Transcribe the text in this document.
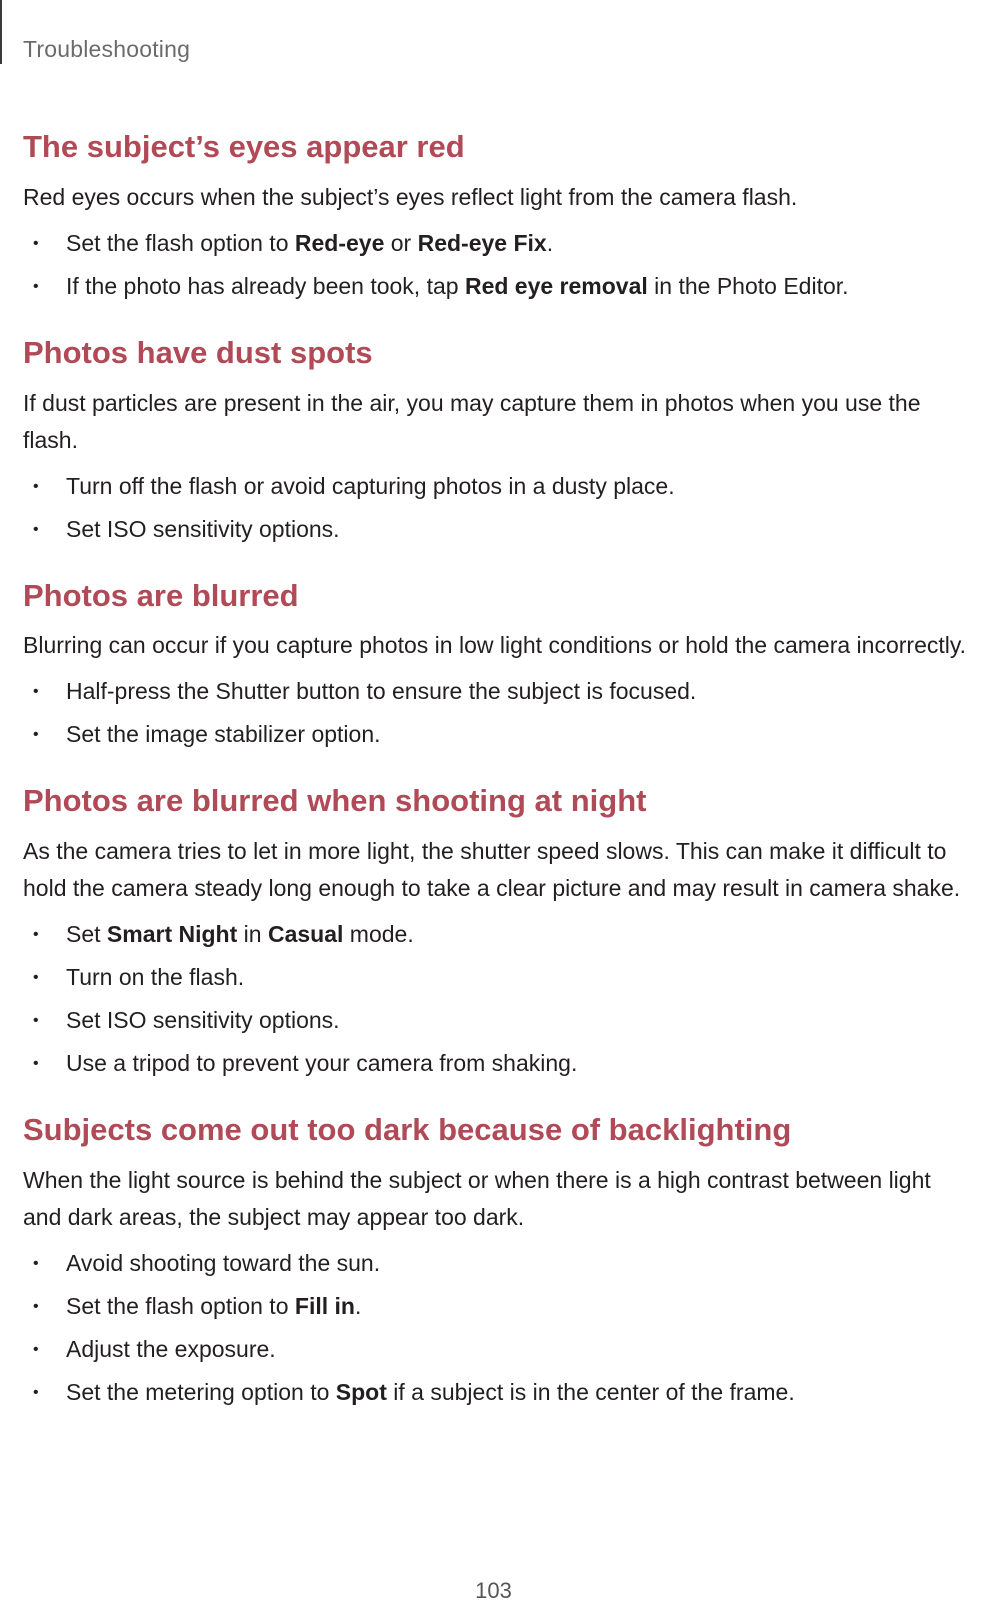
Troubleshooting
The subject’s eyes appear red

Red eyes occurs when the subject’s eyes reflect light from the camera flash.

• Set the flash option to Red-eye or Red-eye Fix.
• If the photo has already been took, tap Red eye removal in the Photo Editor.
Photos have dust spots

If dust particles are present in the air, you may capture them in photos when you use the flash.

• Turn off the flash or avoid capturing photos in a dusty place.
• Set ISO sensitivity options.
Photos are blurred

Blurring can occur if you capture photos in low light conditions or hold the camera incorrectly.

• Half-press the Shutter button to ensure the subject is focused.
• Set the image stabilizer option.
Photos are blurred when shooting at night

As the camera tries to let in more light, the shutter speed slows. This can make it difficult to hold the camera steady long enough to take a clear picture and may result in camera shake.

• Set Smart Night in Casual mode.
• Turn on the flash.
• Set ISO sensitivity options.
• Use a tripod to prevent your camera from shaking.
Subjects come out too dark because of backlighting

When the light source is behind the subject or when there is a high contrast between light and dark areas, the subject may appear too dark.

• Avoid shooting toward the sun.
• Set the flash option to Fill in.
• Adjust the exposure.
• Set the metering option to Spot if a subject is in the center of the frame.
103
